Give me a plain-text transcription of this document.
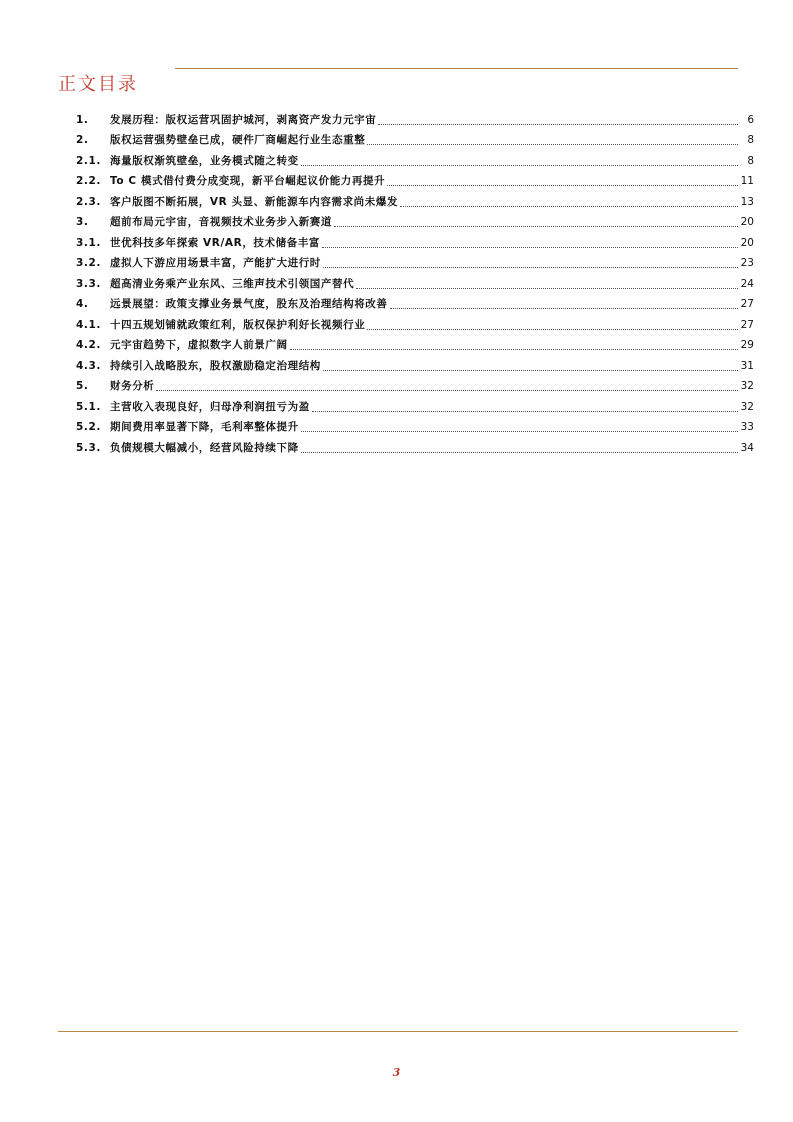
正文目录
1.	发展历程：版权运营巩固护城河，剥离资产发力元宇宙	6
2.	版权运营强势壁垒已成，硬件厂商崛起行业生态重整	8
2.1. 海量版权渐筑壁垒，业务模式随之转变	8
2.2. To C 模式借付费分成变现，新平台崛起议价能力再提升	11
2.3. 客户版图不断拓展，VR 头显、新能源车内容需求尚未爆发	13
3.	超前布局元宇宙，音视频技术业务步入新赛道	20
3.1. 世优科技多年探索 VR/AR，技术储备丰富	20
3.2. 虚拟人下游应用场景丰富，产能扩大进行时	23
3.3. 超高清业务乘产业东风、三维声技术引领国产替代	24
4.	远景展望：政策支撑业务景气度，股东及治理结构将改善	27
4.1. 十四五规划铺就政策红利，版权保护利好长视频行业	27
4.2. 元宇宙趋势下，虚拟数字人前景广阔	29
4.3. 持续引入战略股东，股权激励稳定治理结构	31
5.	财务分析	32
5.1. 主营收入表现良好，归母净利润扭亏为盈	32
5.2. 期间费用率显著下降，毛利率整体提升	33
5.3. 负债规模大幅减小，经营风险持续下降	34
3
